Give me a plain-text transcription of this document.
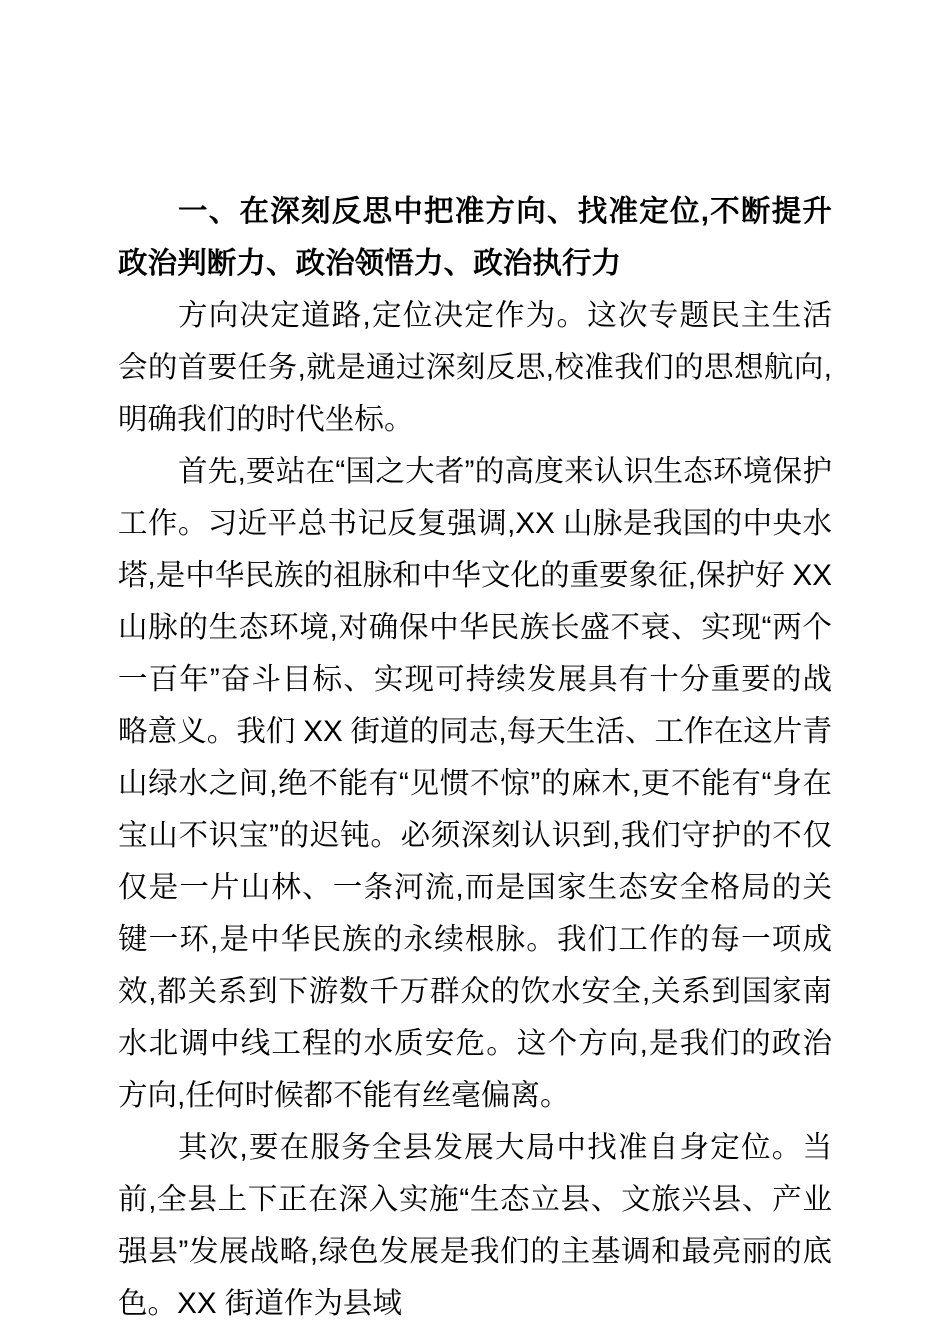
一、在深刻反思中把准方向、找准定位,不断提升政治判断力、政治领悟力、政治执行力

方向决定道路,定位决定作为。这次专题民主生活会的首要任务,就是通过深刻反思,校准我们的思想航向,明确我们的时代坐标。

首先,要站在“国之大者”的高度来认识生态环境保护工作。习近平总书记反复强调,XX 山脉是我国的中央水塔,是中华民族的祖脉和中华文化的重要象征,保护好 XX 山脉的生态环境,对确保中华民族长盛不衰、实现“两个一百年”奋斗目标、实现可持续发展具有十分重要的战略意义。我们 XX 街道的同志,每天生活、工作在这片青山绿水之间,绝不能有“见惯不惊”的麻木,更不能有“身在宝山不识宝”的迟钝。必须深刻认识到,我们守护的不仅仅是一片山林、一条河流,而是国家生态安全格局的关键一环,是中华民族的永续根脉。我们工作的每一项成效,都关系到下游数千万群众的饮水安全,关系到国家南水北调中线工程的水质安危。这个方向,是我们的政治方向,任何时候都不能有丝毫偏离。

其次,要在服务全县发展大局中找准自身定位。当前,全县上下正在深入实施“生态立县、文旅兴县、产业强县”发展战略,绿色发展是我们的主基调和最亮丽的底色。XX 街道作为县域
